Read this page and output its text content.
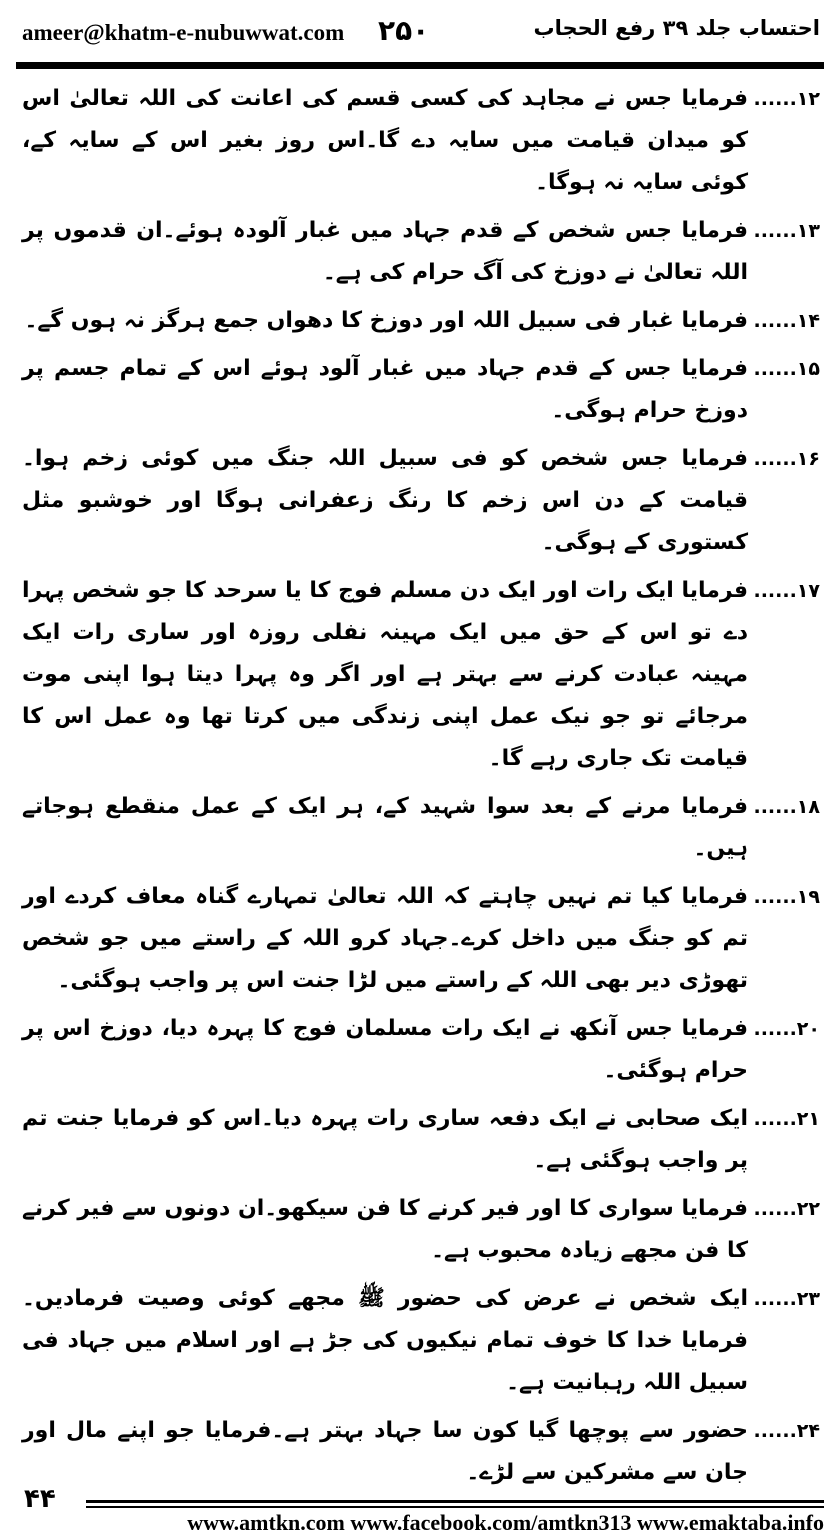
ameer@khatm-e-nubuwwat.com ۲۵۰	احتساب جلد ۳۹ رفع الحجاب
۱۲......
فرمایا جس نے مجاہد کی کسی قسم کی اعانت کی اللہ تعالیٰ اس کو میدان قیامت میں سایہ دے گا۔اس روز بغیر اس کے سایہ کے، کوئی سایہ نہ ہوگا۔
۱۳......
فرمایا جس شخص کے قدم جہاد میں غبار آلودہ ہوئے۔ان قدموں پر اللہ تعالیٰ نے دوزخ کی آگ حرام کی ہے۔
۱۴......
فرمایا غبار فی سبیل اللہ اور دوزخ کا دھواں جمع ہرگز نہ ہوں گے۔
۱۵......
فرمایا جس کے قدم جہاد میں غبار آلود ہوئے اس کے تمام جسم پر دوزخ حرام ہوگی۔
۱۶......
فرمایا جس شخص کو فی سبیل اللہ جنگ میں کوئی زخم ہوا۔قیامت کے دن اس زخم کا رنگ زعفرانی ہوگا اور خوشبو مثل کستوری کے ہوگی۔
۱۷......
فرمایا ایک رات اور ایک دن مسلم فوج کا یا سرحد کا جو شخص پہرا دے تو اس کے حق میں ایک مہینہ نفلی روزہ اور ساری رات ایک مہینہ عبادت کرنے سے بہتر ہے اور اگر وہ پہرا دیتا ہوا اپنی موت مرجائے تو جو نیک عمل اپنی زندگی میں کرتا تھا وہ عمل اس کا قیامت تک جاری رہے گا۔
۱۸......
فرمایا مرنے کے بعد سوا شہید کے، ہر ایک کے عمل منقطع ہوجاتے ہیں۔
۱۹......
فرمایا کیا تم نہیں چاہتے کہ اللہ تعالیٰ تمہارے گناہ معاف کردے اور تم کو جنگ میں داخل کرے۔جہاد کرو اللہ کے راستے میں جو شخص تھوڑی دیر بھی اللہ کے راستے میں لڑا جنت اس پر واجب ہوگئی۔
۲۰......
فرمایا جس آنکھ نے ایک رات مسلمان فوج کا پہرہ دیا، دوزخ اس پر حرام ہوگئی۔
۲۱......
ایک صحابی نے ایک دفعہ ساری رات پہرہ دیا۔اس کو فرمایا جنت تم پر واجب ہوگئی ہے۔
۲۲......
فرمایا سواری کا اور فیر کرنے کا فن سیکھو۔ان دونوں سے فیر کرنے کا فن مجھے زیادہ محبوب ہے۔
۲۳......
ایک شخص نے عرض کی حضور ﷺ مجھے کوئی وصیت فرمادیں۔فرمایا خدا کا خوف تمام نیکیوں کی جڑ ہے اور اسلام میں جہاد فی سبیل اللہ رہبانیت ہے۔
۲۴......
حضور سے پوچھا گیا کون سا جہاد بہتر ہے۔فرمایا جو اپنے مال اور جان سے مشرکین سے لڑے۔
۴۴
www.amtkn.com www.facebook.com/amtkn313 www.emaktaba.info
